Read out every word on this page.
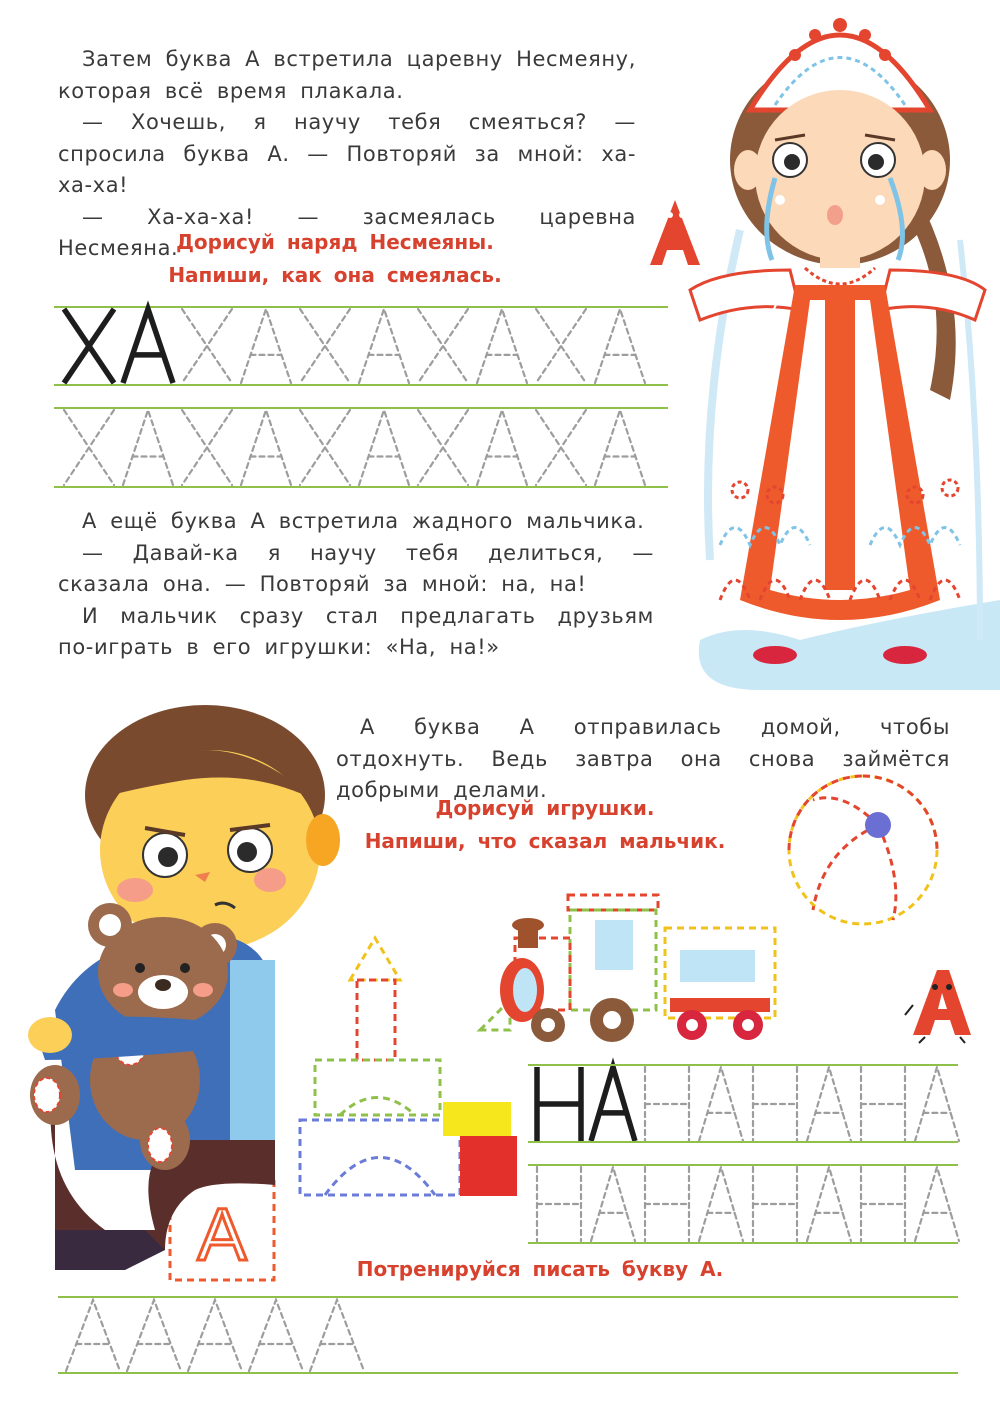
Затем буква А встретила царевну Несмеяну, которая всё время плакала.

— Хочешь, я научу тебя смеяться? — спросила буква А. — Повторяй за мной: ха-ха-ха!

— Ха-ха-ха! — засмеялась царевна Несмеяна.

Дорисуй наряд Несмеяны.
Напиши, как она смеялась.

А ещё буква А встретила жадного мальчика.

— Давай-ка я научу тебя делиться, — сказала она. — Повторяй за мной: на, на!

И мальчик сразу стал предлагать друзьям по-играть в его игрушки: «На, на!»

А буква А отправилась домой, чтобы отдохнуть. Ведь завтра она снова займётся добрыми делами.

Дорисуй игрушки.
Напиши, что сказал мальчик.
Потренируйся писать букву А.
А
